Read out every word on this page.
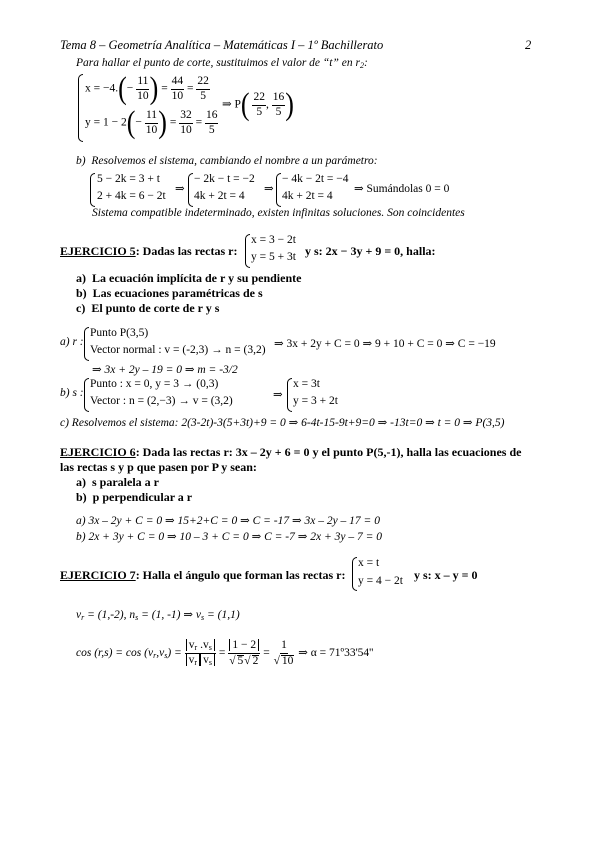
Tema 8 – Geometría Analítica – Matemáticas I – 1º Bachillerato	2
Para hallar el punto de corte, sustituimos el valor de “t” en $r_2$:
$x = -4.(- \frac{11}{10}$ ) = $\frac{44}{10} = \frac{22}{5}$
$y = 1 - 2(- \frac{11}{10}$ ) = $\frac{32}{10} = \frac{16}{5}$
⇒ $P( \frac{22}{5}$ , $\frac{16}{5}$ )
b) Resolvemos el sistema, cambiando el nombre a un parámetro:
5 − 2k = 3 + t
2 + 4k = 6 − 2t
⇒
− 2k − t = −2
4k + 2t = 4
⇒
− 4k − 2t = −4
4k + 2t = 4
⇒ Sumándolas 0 = 0
Sistema compatible indeterminado, existen infinitas soluciones. Son coincidentes
EJERCICIO 5: Dadas las rectas r:
x = 3 − 2t
y = 5 + 3t y s: 2x − 3y + 9 = 0, halla:
a) La ecuación implícita de r y su pendiente
b) Las ecuaciones paramétricas de s
c) El punto de corte de r y s
a) r :
Punto P(3,5)
Vector normal : v = (-2,3) → n = (3,2) ⇒ 3x + 2y + C = 0 ⇒ 9 + 10 + C = 0 ⇒ C = −19
⇒ 3x + 2y – 19 = 0 ⇒ m = -3/2
b) s :
Punto : x = 0, y = 3 → (0,3)
Vector : n = (2,−3) → v = (3,2)	⇒
x = 3t
y = 3 + 2t
c) Resolvemos el sistema: 2(3-2t)-3(5+3t)+9 = 0 ⇒ 6-4t-15-9t+9=0 ⇒ -13t=0 ⇒ t = 0 ⇒ P(3,5)
EJERCICIO 6: Dada las rectas r: 3x – 2y + 6 = 0 y el punto P(5,-1), halla las ecuaciones de
las rectas s y p que pasen por P y sean:
a) s paralela a r
b) p perpendicular a r
a) 3x – 2y + C = 0 ⇒ 15+2+C = 0 ⇒ C = -17 ⇒ 3x – 2y – 17 = 0
b) 2x + 3y + C = 0 ⇒ 10 – 3 + C = 0 ⇒ C = -7 ⇒ 2x + 3y – 7 = 0
EJERCICIO 7: Halla el ángulo que forman las rectas r:
x = t
y = 4 − 2t y s: x – y = 0
$v_r = (1,-2)$, $n_s = (1$, -1) ⇒ $v_s = (1,1)$
$\cos (r,s) = \cos (v_r,v_s) = \frac{v_r .v_s}{v_r v_s} = \frac{1 - 2}{√ 5√ 2} = \frac{1}{√ 10}$ ⇒ α = 71º33'54''
